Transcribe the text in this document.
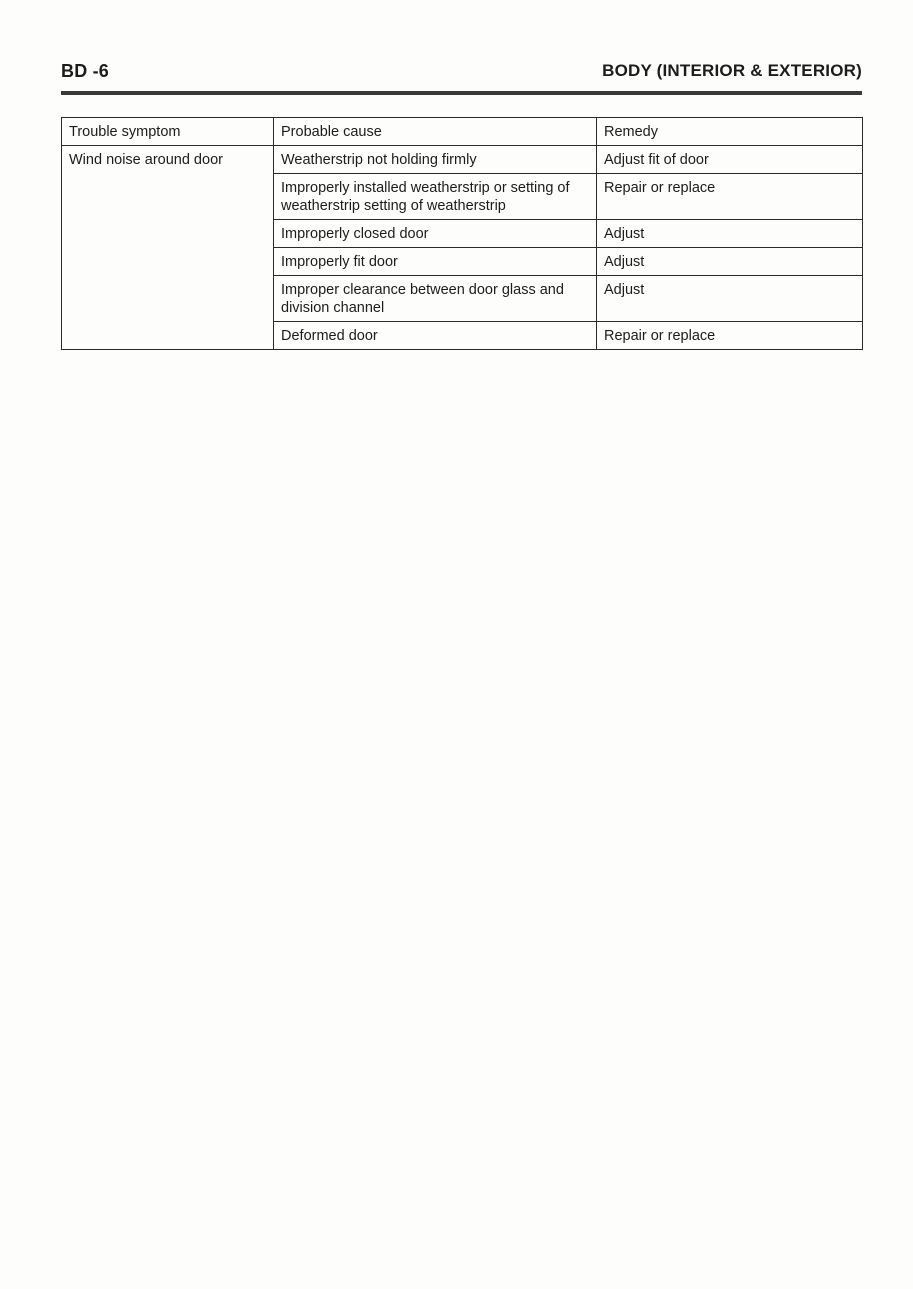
BD -6	BODY (INTERIOR & EXTERIOR)
Trouble symptom	Probable cause	Remedy
Wind noise around door	Weatherstrip not holding firmly	Adjust fit of door
	Improperly installed weatherstrip or setting of weatherstrip setting of weatherstrip	Repair or replace
	Improperly closed door	Adjust
	Improperly fit door	Adjust
	Improper clearance between door glass and division channel	Adjust
	Deformed door	Repair or replace
